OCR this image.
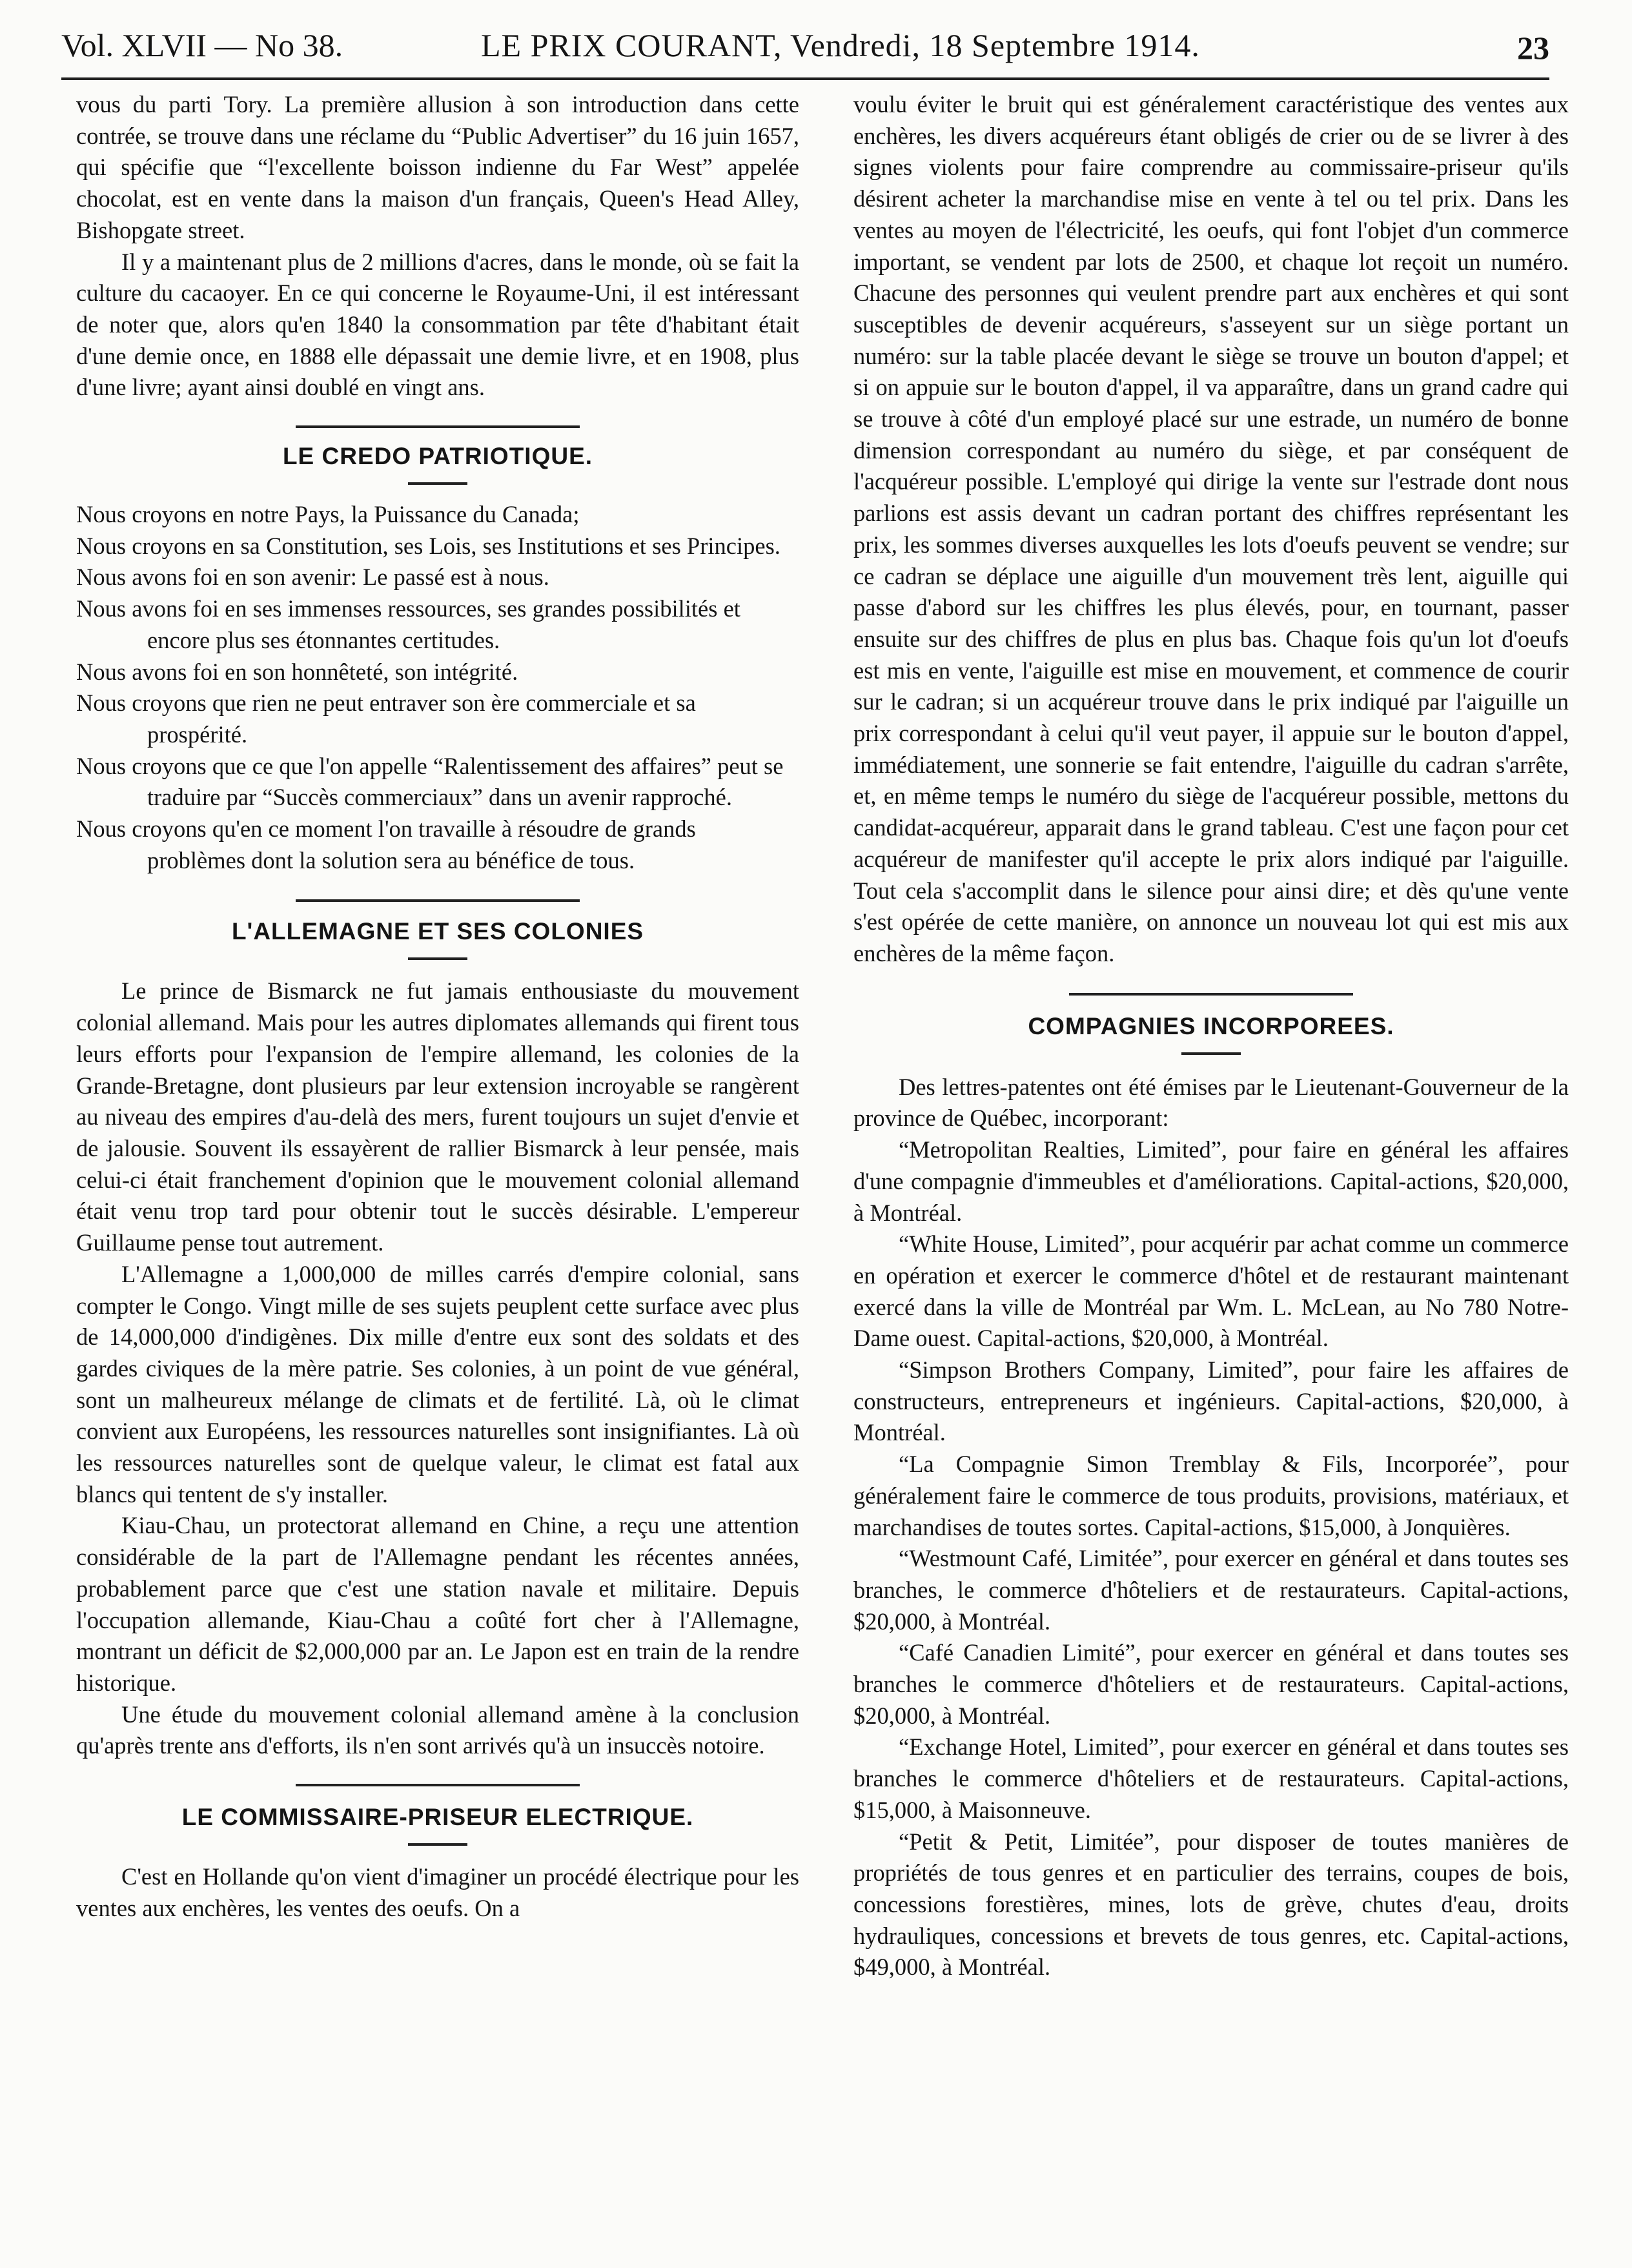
Vol. XLVII — No 38.	LE PRIX COURANT, Vendredi, 18 Septembre 1914.	23

vous du parti Tory. La première allusion à son introduction dans cette contrée, se trouve dans une réclame du “Public Advertiser” du 16 juin 1657, qui spécifie que “l'excellente boisson indienne du Far West” appelée chocolat, est en vente dans la maison d'un français, Queen's Head Alley, Bishopgate street.

Il y a maintenant plus de 2 millions d'acres, dans le monde, où se fait la culture du cacaoyer. En ce qui concerne le Royaume-Uni, il est intéressant de noter que, alors qu'en 1840 la consommation par tête d'habitant était d'une demie once, en 1888 elle dépassait une demie livre, et en 1908, plus d'une livre; ayant ainsi doublé en vingt ans.

LE CREDO PATRIOTIQUE.
Nous croyons en notre Pays, la Puissance du Canada;
Nous croyons en sa Constitution, ses Lois, ses Institutions et ses Principes.
Nous avons foi en son avenir: Le passé est à nous.
Nous avons foi en ses immenses ressources, ses grandes possibilités et encore plus ses étonnantes certitudes.
Nous avons foi en son honnêteté, son intégrité.
Nous croyons que rien ne peut entraver son ère commerciale et sa prospérité.
Nous croyons que ce que l'on appelle “Ralentissement des affaires” peut se traduire par “Succès commerciaux” dans un avenir rapproché.
Nous croyons qu'en ce moment l'on travaille à résoudre de grands problèmes dont la solution sera au bénéfice de tous.
L'ALLEMAGNE ET SES COLONIES

Le prince de Bismarck ne fut jamais enthousiaste du mouvement colonial allemand. Mais pour les autres diplomates allemands qui firent tous leurs efforts pour l'expansion de l'empire allemand, les colonies de la Grande-Bretagne, dont plusieurs par leur extension incroyable se rangèrent au niveau des empires d'au-delà des mers, furent toujours un sujet d'envie et de jalousie. Souvent ils essayèrent de rallier Bismarck à leur pensée, mais celui-ci était franchement d'opinion que le mouvement colonial allemand était venu trop tard pour obtenir tout le succès désirable. L'empereur Guillaume pense tout autrement.

L'Allemagne a 1,000,000 de milles carrés d'empire colonial, sans compter le Congo. Vingt mille de ses sujets peuplent cette surface avec plus de 14,000,000 d'indigènes. Dix mille d'entre eux sont des soldats et des gardes civiques de la mère patrie. Ses colonies, à un point de vue général, sont un malheureux mélange de climats et de fertilité. Là, où le climat convient aux Européens, les ressources naturelles sont insignifiantes. Là où les ressources naturelles sont de quelque valeur, le climat est fatal aux blancs qui tentent de s'y installer.

Kiau-Chau, un protectorat allemand en Chine, a reçu une attention considérable de la part de l'Allemagne pendant les récentes années, probablement parce que c'est une station navale et militaire. Depuis l'occupation allemande, Kiau-Chau a coûté fort cher à l'Allemagne, montrant un déficit de $2,000,000 par an. Le Japon est en train de la rendre historique.

Une étude du mouvement colonial allemand amène à la conclusion qu'après trente ans d'efforts, ils n'en sont arrivés qu'à un insuccès notoire.

LE COMMISSAIRE-PRISEUR ELECTRIQUE.

C'est en Hollande qu'on vient d'imaginer un procédé électrique pour les ventes aux enchères, les ventes des oeufs. On a

voulu éviter le bruit qui est généralement caractéristique des ventes aux enchères, les divers acquéreurs étant obligés de crier ou de se livrer à des signes violents pour faire comprendre au commissaire-priseur qu'ils désirent acheter la marchandise mise en vente à tel ou tel prix. Dans les ventes au moyen de l'électricité, les oeufs, qui font l'objet d'un commerce important, se vendent par lots de 2500, et chaque lot reçoit un numéro. Chacune des personnes qui veulent prendre part aux enchères et qui sont susceptibles de devenir acquéreurs, s'asseyent sur un siège portant un numéro: sur la table placée devant le siège se trouve un bouton d'appel; et si on appuie sur le bouton d'appel, il va apparaître, dans un grand cadre qui se trouve à côté d'un employé placé sur une estrade, un numéro de bonne dimension correspondant au numéro du siège, et par conséquent de l'acquéreur possible. L'employé qui dirige la vente sur l'estrade dont nous parlions est assis devant un cadran portant des chiffres représentant les prix, les sommes diverses auxquelles les lots d'oeufs peuvent se vendre; sur ce cadran se déplace une aiguille d'un mouvement très lent, aiguille qui passe d'abord sur les chiffres les plus élevés, pour, en tournant, passer ensuite sur des chiffres de plus en plus bas. Chaque fois qu'un lot d'oeufs est mis en vente, l'aiguille est mise en mouvement, et commence de courir sur le cadran; si un acquéreur trouve dans le prix indiqué par l'aiguille un prix correspondant à celui qu'il veut payer, il appuie sur le bouton d'appel, immédiatement, une sonnerie se fait entendre, l'aiguille du cadran s'arrête, et, en même temps le numéro du siège de l'acquéreur possible, mettons du candidat-acquéreur, apparait dans le grand tableau. C'est une façon pour cet acquéreur de manifester qu'il accepte le prix alors indiqué par l'aiguille. Tout cela s'accomplit dans le silence pour ainsi dire; et dès qu'une vente s'est opérée de cette manière, on annonce un nouveau lot qui est mis aux enchères de la même façon.

COMPAGNIES INCORPOREES.

Des lettres-patentes ont été émises par le Lieutenant-Gouverneur de la province de Québec, incorporant:

“Metropolitan Realties, Limited”, pour faire en général les affaires d'une compagnie d'immeubles et d'améliorations. Capital-actions, $20,000, à Montréal.

“White House, Limited”, pour acquérir par achat comme un commerce en opération et exercer le commerce d'hôtel et de restaurant maintenant exercé dans la ville de Montréal par Wm. L. McLean, au No 780 Notre-Dame ouest. Capital-actions, $20,000, à Montréal.

“Simpson Brothers Company, Limited”, pour faire les affaires de constructeurs, entrepreneurs et ingénieurs. Capital-actions, $20,000, à Montréal.

“La Compagnie Simon Tremblay & Fils, Incorporée”, pour généralement faire le commerce de tous produits, provisions, matériaux, et marchandises de toutes sortes. Capital-actions, $15,000, à Jonquières.

“Westmount Café, Limitée”, pour exercer en général et dans toutes ses branches, le commerce d'hôteliers et de restaurateurs. Capital-actions, $20,000, à Montréal.

“Café Canadien Limité”, pour exercer en général et dans toutes ses branches le commerce d'hôteliers et de restaurateurs. Capital-actions, $20,000, à Montréal.

“Exchange Hotel, Limited”, pour exercer en général et dans toutes ses branches le commerce d'hôteliers et de restaurateurs. Capital-actions, $15,000, à Maisonneuve.

“Petit & Petit, Limitée”, pour disposer de toutes manières de propriétés de tous genres et en particulier des terrains, coupes de bois, concessions forestières, mines, lots de grève, chutes d'eau, droits hydrauliques, concessions et brevets de tous genres, etc. Capital-actions, $49,000, à Montréal.
